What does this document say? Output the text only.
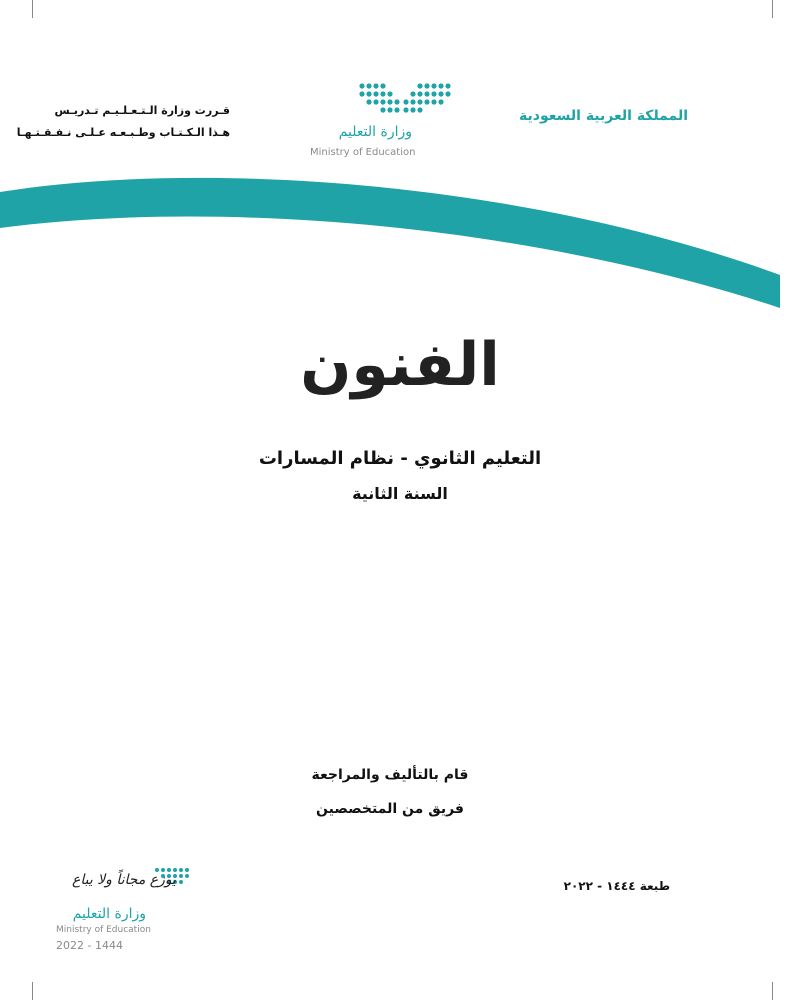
قـررت وزارة الـتـعـلـيـم تـدريـس
هـذا الـكـتـاب وطـبـعـه عـلـى نـفـقـتـهـا	وزارة التعليم
Ministry of Education
المملكة العربية السعودية
الفنون
التعليم الثانوي - نظام المسارات
السنة الثانية
قام بالتأليف والمراجعة
فريق من المتخصصين
طبعة ١٤٤٤ - ٢٠٢٢
يوزع مجاناً ولا يباع
وزارة التعليم
Ministry of Education
2022 - 1444
